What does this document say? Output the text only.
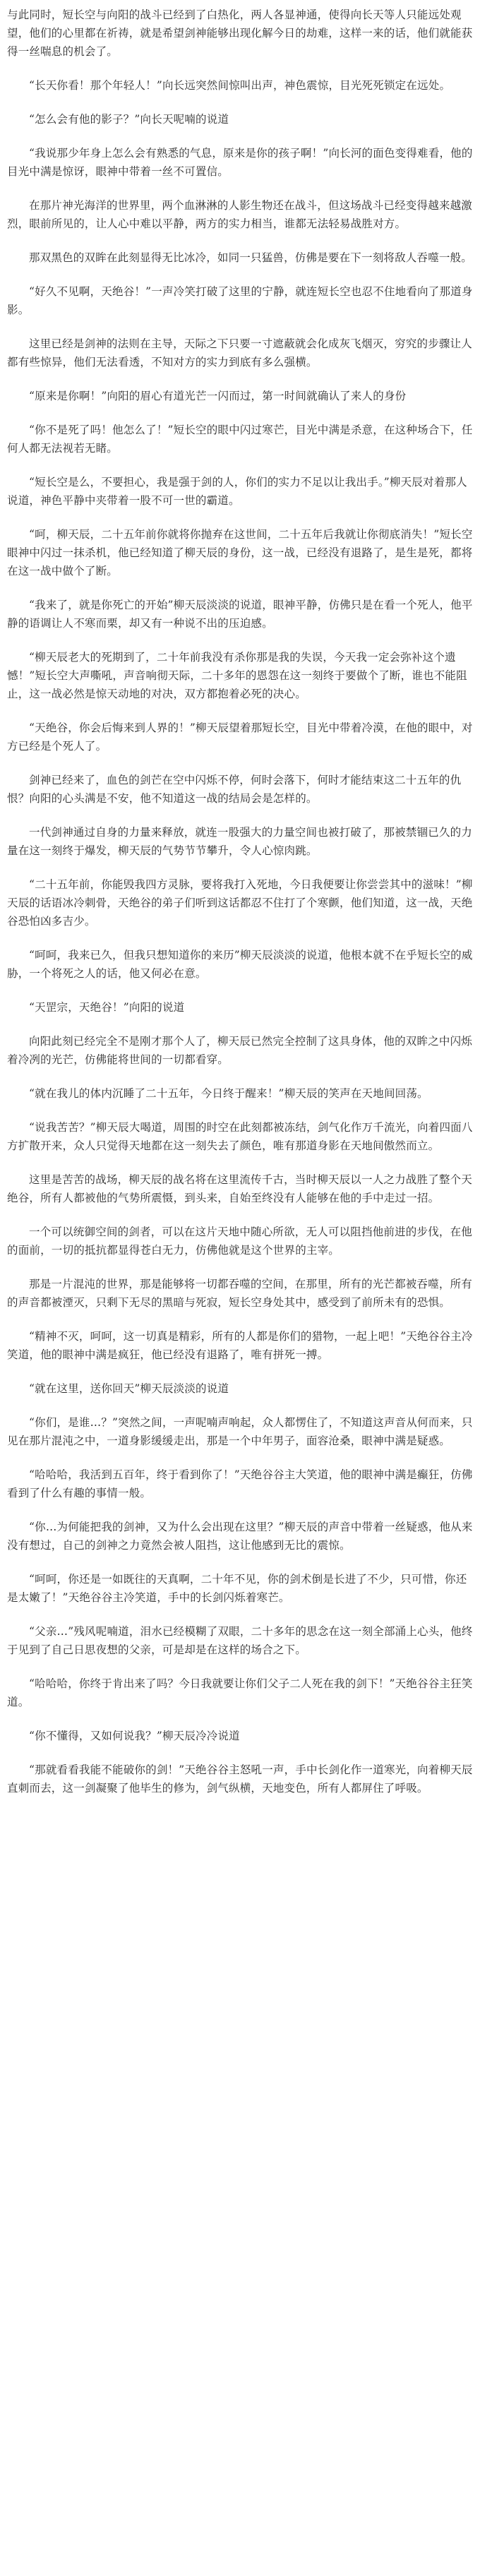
与此同时，短长空与向阳的战斗已经到了白热化，两人各显神通，使得向长天等人只能远处观望，他们的心里都在祈祷，就是希望剑神能够出现化解今日的劫难，这样一来的话，他们就能获得一丝喘息的机会了。

“长天你看！那个年轻人！”向长远突然间惊叫出声，神色震惊，目光死死锁定在远处。

“怎么会有他的影子？”向长天呢喃的说道

“我说那少年身上怎么会有熟悉的气息，原来是你的孩子啊！”向长河的面色变得难看，他的目光中满是惊讶，眼神中带着一丝不可置信。

在那片神光海洋的世界里，两个血淋淋的人影生物还在战斗，但这场战斗已经变得越来越激烈，眼前所见的，让人心中难以平静，两方的实力相当，谁都无法轻易战胜对方。

那双黑色的双眸在此刻显得无比冰冷，如同一只猛兽，仿佛是要在下一刻将敌人吞噬一般。

“好久不见啊，天绝谷！”一声冷笑打破了这里的宁静，就连短长空也忍不住地看向了那道身影。

这里已经是剑神的法则在主导，天际之下只要一寸遮蔽就会化成灰飞烟灭，穷究的步骤让人都有些惊异，他们无法看透，不知对方的实力到底有多么强横。

“原来是你啊！”向阳的眉心有道光芒一闪而过，第一时间就确认了来人的身份

“你不是死了吗！他怎么了！”短长空的眼中闪过寒芒，目光中满是杀意，在这种场合下，任何人都无法视若无睹。

“短长空是么，不要担心，我是强于剑的人，你们的实力不足以让我出手。”柳天辰对着那人说道，神色平静中夹带着一股不可一世的霸道。

“呵，柳天辰，二十五年前你就将你抛弃在这世间，二十五年后我就让你彻底消失！”短长空眼神中闪过一抹杀机，他已经知道了柳天辰的身份，这一战，已经没有退路了，是生是死，都将在这一战中做个了断。

“我来了，就是你死亡的开始”柳天辰淡淡的说道，眼神平静，仿佛只是在看一个死人，他平静的语调让人不寒而栗，却又有一种说不出的压迫感。

“柳天辰老大的死期到了，二十年前我没有杀你那是我的失误，今天我一定会弥补这个遗憾！”短长空大声嘶吼，声音响彻天际，二十多年的恩怨在这一刻终于要做个了断，谁也不能阻止，这一战必然是惊天动地的对决，双方都抱着必死的决心。

“天绝谷，你会后悔来到人界的！”柳天辰望着那短长空，目光中带着冷漠，在他的眼中，对方已经是个死人了。

剑神已经来了，血色的剑芒在空中闪烁不停，何时会落下，何时才能结束这二十五年的仇恨？向阳的心头满是不安，他不知道这一战的结局会是怎样的。

一代剑神通过自身的力量来释放，就连一股强大的力量空间也被打破了，那被禁锢已久的力量在这一刻终于爆发，柳天辰的气势节节攀升，令人心惊肉跳。

“二十五年前，你能毁我四方灵脉，要将我打入死地，今日我便要让你尝尝其中的滋味！”柳天辰的话语冰冷刺骨，天绝谷的弟子们听到这话都忍不住打了个寒颤，他们知道，这一战，天绝谷恐怕凶多吉少。

“呵呵，我来已久，但我只想知道你的来历”柳天辰淡淡的说道，他根本就不在乎短长空的威胁，一个将死之人的话，他又何必在意。

“天罡宗，天绝谷！”向阳的说道

向阳此刻已经完全不是刚才那个人了，柳天辰已然完全控制了这具身体，他的双眸之中闪烁着冷冽的光芒，仿佛能将世间的一切都看穿。

“就在我儿的体内沉睡了二十五年，今日终于醒来！”柳天辰的笑声在天地间回荡。

“说我苦苦？”柳天辰大喝道，周围的时空在此刻都被冻结，剑气化作万千流光，向着四面八方扩散开来，众人只觉得天地都在这一刻失去了颜色，唯有那道身影在天地间傲然而立。

这里是苦苦的战场，柳天辰的战名将在这里流传千古，当时柳天辰以一人之力战胜了整个天绝谷，所有人都被他的气势所震慑，到头来，自始至终没有人能够在他的手中走过一招。

一个可以统御空间的剑者，可以在这片天地中随心所欲，无人可以阻挡他前进的步伐，在他的面前，一切的抵抗都显得苍白无力，仿佛他就是这个世界的主宰。

那是一片混沌的世界，那是能够将一切都吞噬的空间，在那里，所有的光芒都被吞噬，所有的声音都被湮灭，只剩下无尽的黑暗与死寂，短长空身处其中，感受到了前所未有的恐惧。

“精神不灭，呵呵，这一切真是精彩，所有的人都是你们的猎物，一起上吧！”天绝谷谷主冷笑道，他的眼神中满是疯狂，他已经没有退路了，唯有拼死一搏。

“就在这里，送你回天”柳天辰淡淡的说道

“你们，是谁…？”突然之间，一声呢喃声响起，众人都愣住了，不知道这声音从何而来，只见在那片混沌之中，一道身影缓缓走出，那是一个中年男子，面容沧桑，眼神中满是疑惑。

“哈哈哈，我活到五百年，终于看到你了！”天绝谷谷主大笑道，他的眼神中满是癫狂，仿佛看到了什么有趣的事情一般。

“你…为何能把我的剑神，又为什么会出现在这里？”柳天辰的声音中带着一丝疑惑，他从来没有想过，自己的剑神之力竟然会被人阻挡，这让他感到无比的震惊。

“呵呵，你还是一如既往的天真啊，二十年不见，你的剑术倒是长进了不少，只可惜，你还是太嫩了！”天绝谷谷主冷笑道，手中的长剑闪烁着寒芒。

“父亲…”残风呢喃道，泪水已经模糊了双眼，二十多年的思念在这一刻全部涌上心头，他终于见到了自己日思夜想的父亲，可是却是在这样的场合之下。

“哈哈哈，你终于肯出来了吗？今日我就要让你们父子二人死在我的剑下！”天绝谷谷主狂笑道。

“你不懂得，又如何说我？”柳天辰冷冷说道

“那就看看我能不能破你的剑！”天绝谷谷主怒吼一声，手中长剑化作一道寒光，向着柳天辰直刺而去，这一剑凝聚了他毕生的修为，剑气纵横，天地变色，所有人都屏住了呼吸。
